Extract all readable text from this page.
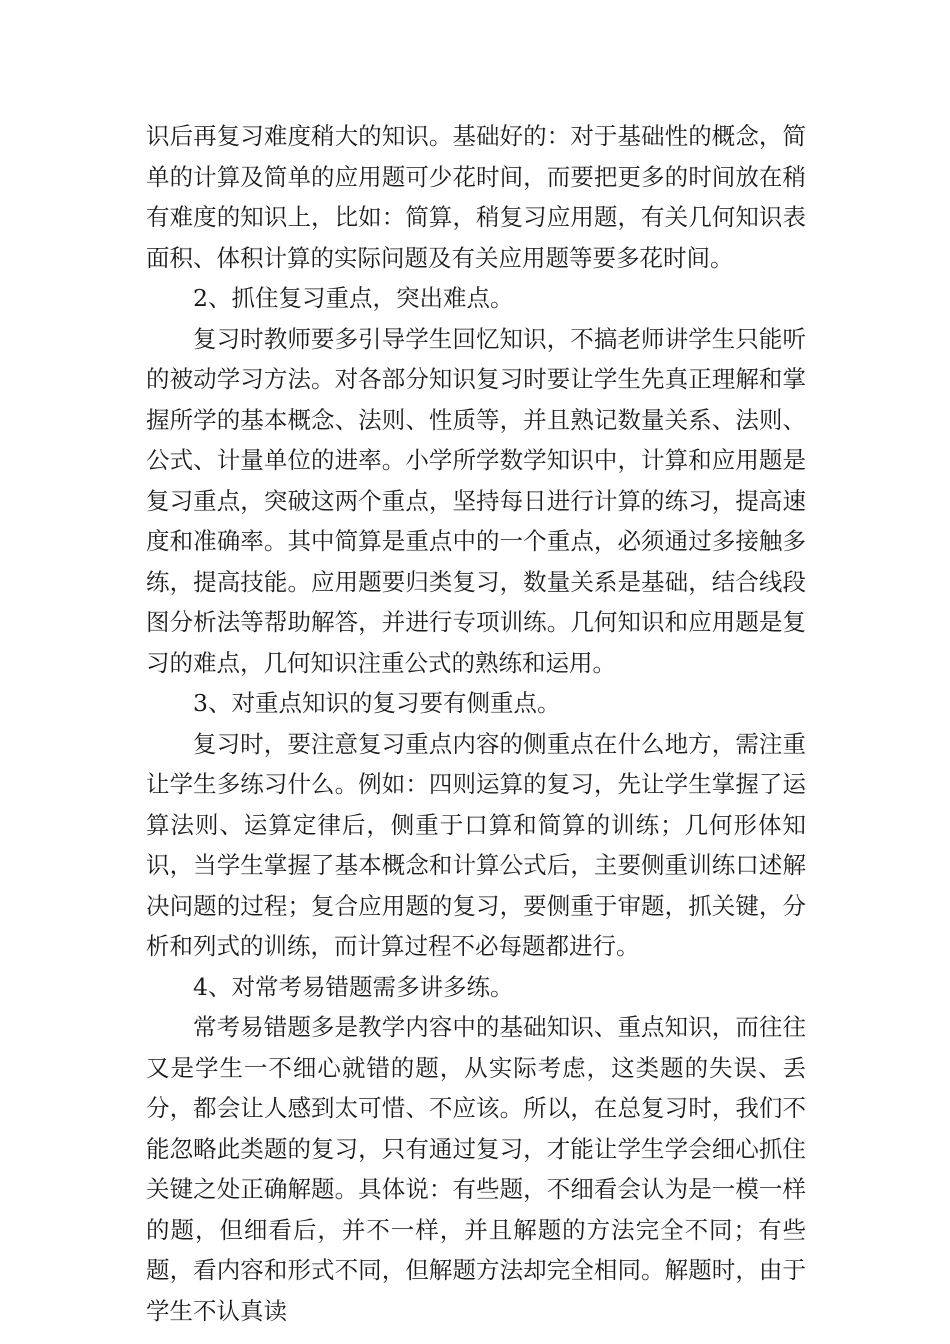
识后再复习难度稍大的知识。基础好的：对于基础性的概念，简单的计算及简单的应用题可少花时间，而要把更多的时间放在稍有难度的知识上，比如：简算，稍复习应用题，有关几何知识表面积、体积计算的实际问题及有关应用题等要多花时间。

2、抓住复习重点，突出难点。

复习时教师要多引导学生回忆知识，不搞老师讲学生只能听的被动学习方法。对各部分知识复习时要让学生先真正理解和掌握所学的基本概念、法则、性质等，并且熟记数量关系、法则、公式、计量单位的进率。小学所学数学知识中，计算和应用题是复习重点，突破这两个重点，坚持每日进行计算的练习，提高速度和准确率。其中简算是重点中的一个重点，必须通过多接触多练，提高技能。应用题要归类复习，数量关系是基础，结合线段图分析法等帮助解答，并进行专项训练。几何知识和应用题是复习的难点，几何知识注重公式的熟练和运用。

3、对重点知识的复习要有侧重点。

复习时，要注意复习重点内容的侧重点在什么地方，需注重让学生多练习什么。例如：四则运算的复习，先让学生掌握了运算法则、运算定律后，侧重于口算和简算的训练；几何形体知识，当学生掌握了基本概念和计算公式后，主要侧重训练口述解决问题的过程；复合应用题的复习，要侧重于审题，抓关键，分析和列式的训练，而计算过程不必每题都进行。

4、对常考易错题需多讲多练。

常考易错题多是教学内容中的基础知识、重点知识，而往往又是学生一不细心就错的题，从实际考虑，这类题的失误、丢分，都会让人感到太可惜、不应该。所以，在总复习时，我们不能忽略此类题的复习，只有通过复习，才能让学生学会细心抓住关键之处正确解题。具体说：有些题，不细看会认为是一模一样的题，但细看后，并不一样，并且解题的方法完全不同；有些题，看内容和形式不同，但解题方法却完全相同。解题时，由于学生不认真读
